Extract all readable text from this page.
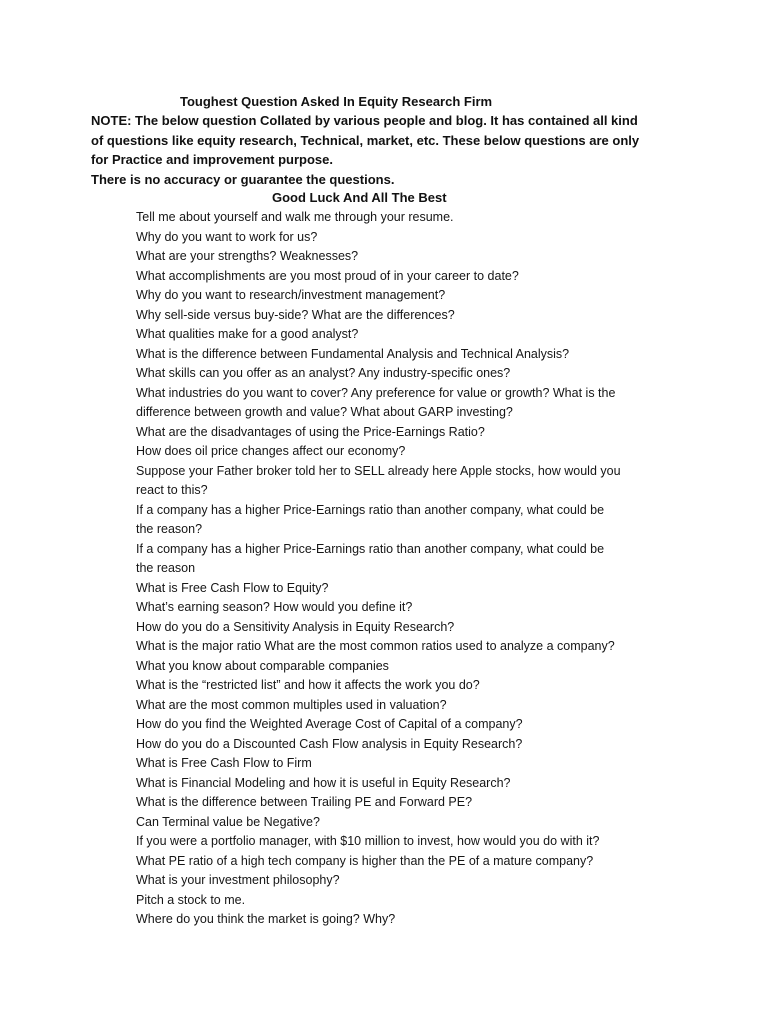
Toughest Question Asked In Equity Research Firm

NOTE: The below question Collated by various people and blog. It has contained all kind

of questions like equity research, Technical, market, etc. These below questions are only

for Practice and improvement purpose.

There is no accuracy or guarantee the questions.

Good Luck And All The Best
Tell me about yourself and walk me through your resume.
Why do you want to work for us?
What are your strengths? Weaknesses?
What accomplishments are you most proud of in your career to date?
Why do you want to research/investment management?
Why sell-side versus buy-side? What are the differences?
What qualities make for a good analyst?
What is the difference between Fundamental Analysis and Technical Analysis?
What skills can you offer as an analyst? Any industry-specific ones?
What industries do you want to cover? Any preference for value or growth? What is the
difference between growth and value? What about GARP investing?
What are the disadvantages of using the Price-Earnings Ratio?
How does oil price changes affect our economy?
Suppose your Father broker told her to SELL already here Apple stocks, how would you
react to this?
If a company has a higher Price-Earnings ratio than another company, what could be
the reason?
If a company has a higher Price-Earnings ratio than another company, what could be
the reason
What is Free Cash Flow to Equity?
What’s earning season? How would you define it?
How do you do a Sensitivity Analysis in Equity Research?
What is the major ratio What are the most common ratios used to analyze a company?
What you know about comparable companies
What is the “restricted list” and how it affects the work you do?
What are the most common multiples used in valuation?
How do you find the Weighted Average Cost of Capital of a company?
How do you do a Discounted Cash Flow analysis in Equity Research?
What is Free Cash Flow to Firm
What is Financial Modeling and how it is useful in Equity Research?
What is the difference between Trailing PE and Forward PE?
Can Terminal value be Negative?
If you were a portfolio manager, with $10 million to invest, how would you do with it?
What PE ratio of a high tech company is higher than the PE of a mature company?
What is your investment philosophy?
Pitch a stock to me.
Where do you think the market is going? Why?
